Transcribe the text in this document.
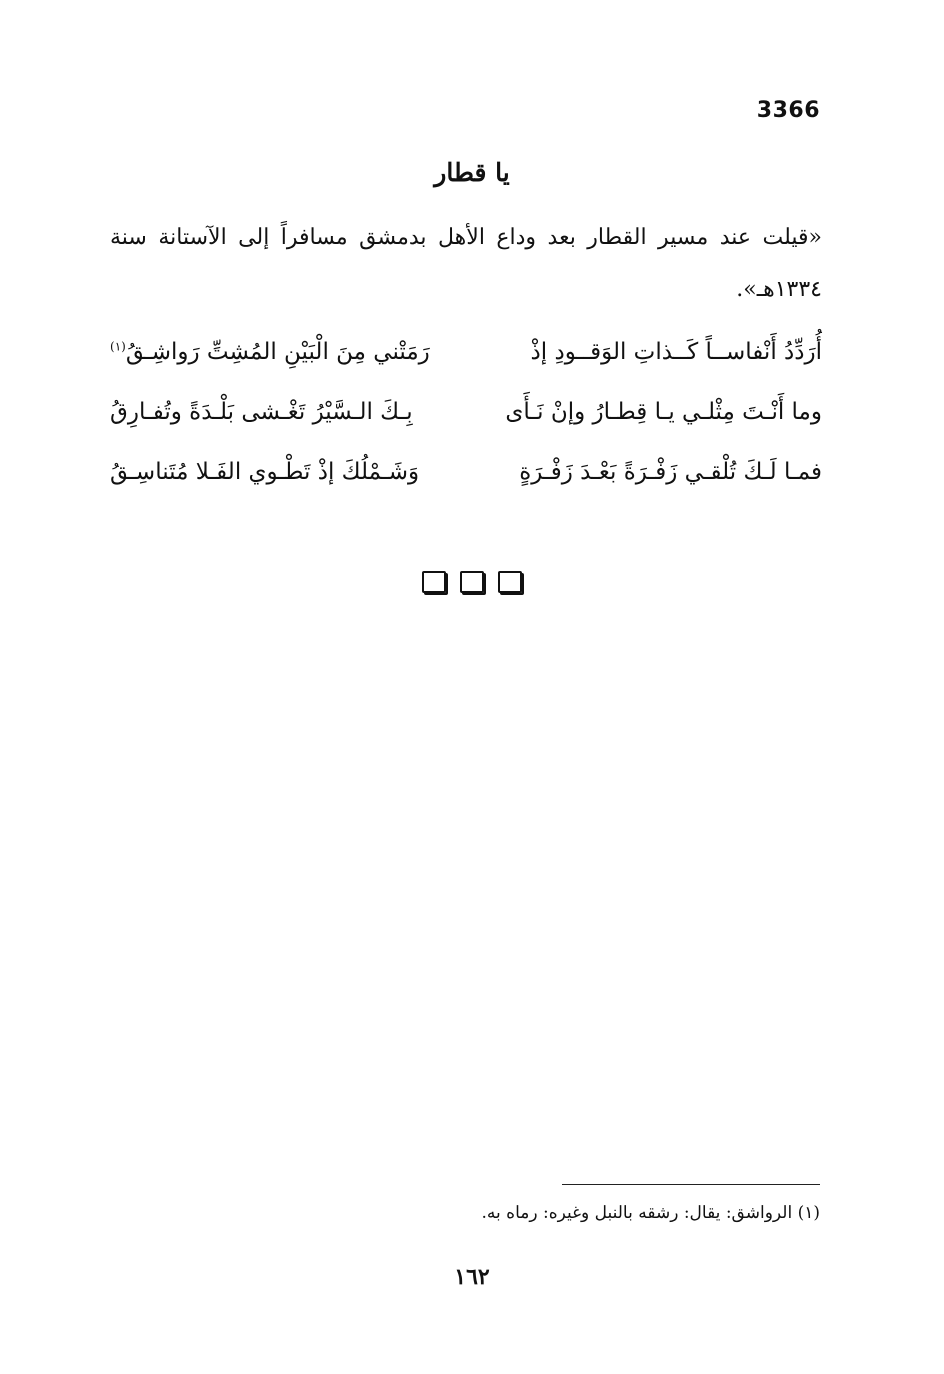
3366
يا قطار
«قيلت عند مسير القطار بعد وداع الأهل بدمشق مسافراً إلى الآستانة سنة ١٣٣٤هـ».
أُرَدِّدُ أَنْفاســاً كَــذاتِ الوَقــودِ إذْ
رَمَتْني مِنَ الْبَيْنِ المُشِتِّ رَواشِـقُ$^{(١)}$
وما أَنْـتَ مِثْلـي يـا قِطـارُ وإنْ نَـأَى
بِـكَ الـسَّيْرُ تَغْـشى بَلْـدَةً وتُفـارِقُ
فمـا لَـكَ تُلْقـي زَفْـرَةً بَعْـدَ زَفْـرَةٍ
وَشَـمْلُكَ إذْ تَطْـوي الفَـلا مُتَناسِـقُ
(١) الرواشق: يقال: رشقه بالنبل وغيره: رماه به.
١٦٢
